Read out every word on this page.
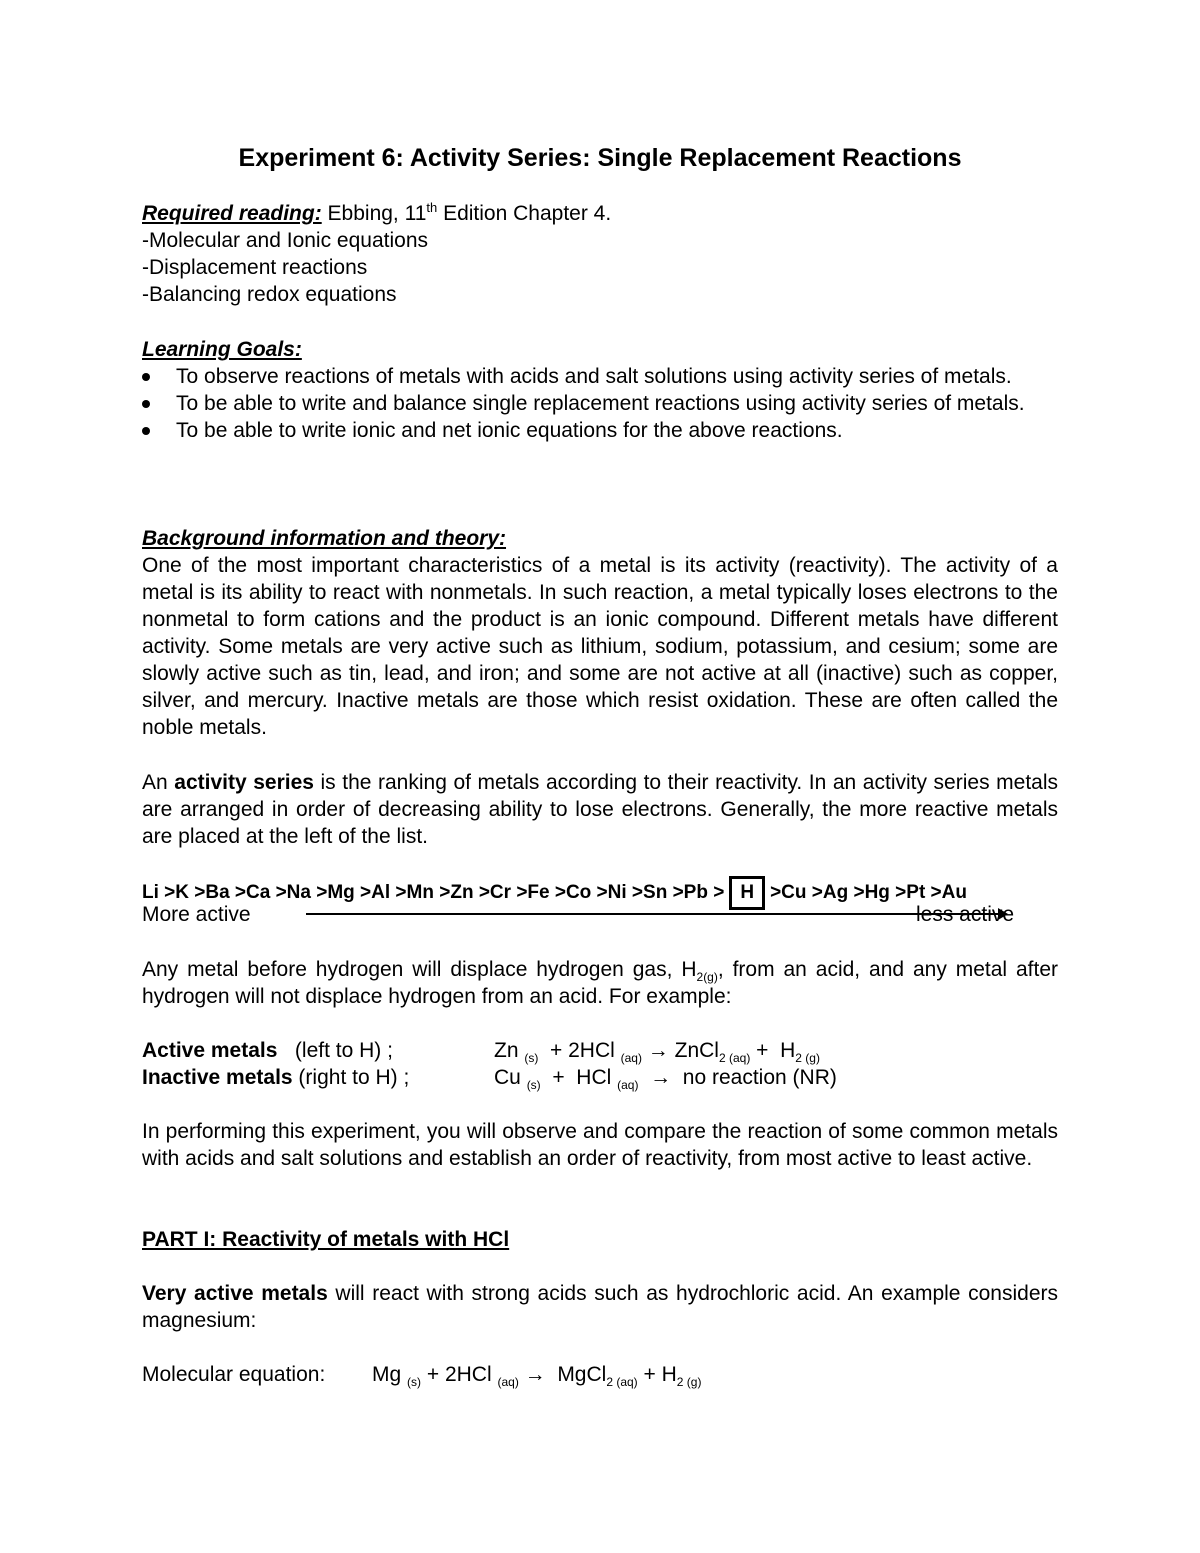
Experiment 6: Activity Series: Single Replacement Reactions
Required reading: Ebbing, 11th Edition Chapter 4.
-Molecular and Ionic equations
-Displacement reactions
-Balancing redox equations
Learning Goals:
To observe reactions of metals with acids and salt solutions using activity series of metals.
To be able to write and balance single replacement reactions using activity series of metals.
To be able to write ionic and net ionic equations for the above reactions.
Background information and theory:
One of the most important characteristics of a metal is its activity (reactivity). The activity of a metal is its ability to react with nonmetals. In such reaction, a metal typically loses electrons to the nonmetal to form cations and the product is an ionic compound. Different metals have different activity. Some metals are very active such as lithium, sodium, potassium, and cesium; some are slowly active such as tin, lead, and iron; and some are not active at all (inactive) such as copper, silver, and mercury. Inactive metals are those which resist oxidation. These are often called the noble metals.
An activity series is the ranking of metals according to their reactivity. In an activity series metals are arranged in order of decreasing ability to lose electrons. Generally, the more reactive metals are placed at the left of the list.
Li >K >Ba >Ca >Na >Mg >Al >Mn >Zn >Cr >Fe >Co >Ni >Sn >Pb > H >Cu >Ag >Hg >Pt >Au
More active	less active
Any metal before hydrogen will displace hydrogen gas, $H_{2(g)}$, from an acid, and any metal after hydrogen will not displace hydrogen from an acid. For example:
Active metals   (left to H) ;	Zn $_{(s)}$  + 2HCl $_{(aq)}$ → ZnCl$_{2 (aq)}$ +  $H_{2 (g)}$
Inactive metals (right to H) ;	Cu $_{(s)}$  +  HCl $_{(aq)}$  →  no reaction (NR)
In performing this experiment, you will observe and compare the reaction of some common metals with acids and salt solutions and establish an order of reactivity, from most active to least active.
PART I: Reactivity of metals with HCl
Very active metals will react with strong acids such as hydrochloric acid. An example considers magnesium:
Molecular equation: Mg $_{(s)}$ + 2HCl $_{(aq)}$ →  MgCl$_{2 (aq)}$ + $H_{2 (g)}$
